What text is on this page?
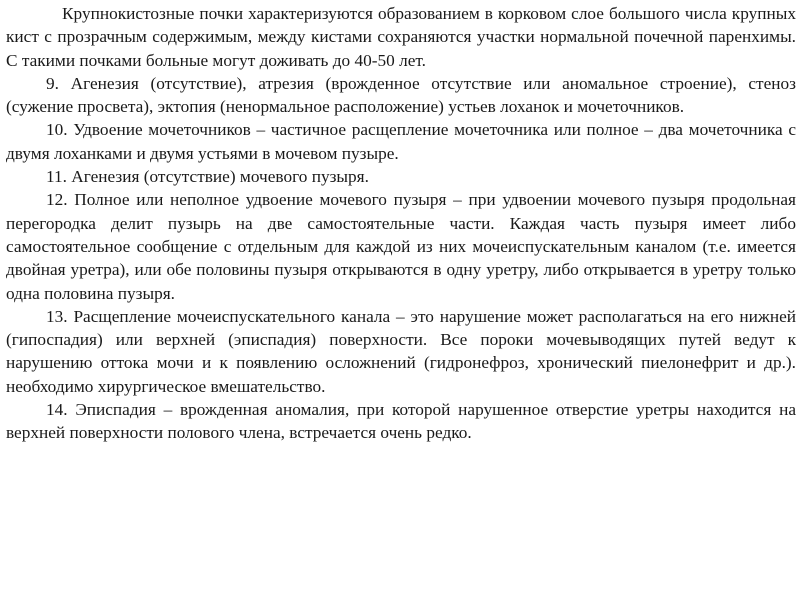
Крупнокистозные почки характеризуются образованием в корковом слое большого числа крупных кист с прозрачным содержимым, между кистами сохраняются участки нормальной почечной паренхимы. С такими почками больные могут доживать до 40-50 лет.

9. Агенезия (отсутствие), атрезия (врожденное отсутствие или аномальное строение), стеноз (сужение просвета), эктопия (ненормальное расположение) устьев лоханок и мочеточников.

10. Удвоение мочеточников – частичное расщепление мочеточника или полное – два мочеточника с двумя лоханками и двумя устьями в мочевом пузыре.

11. Агенезия (отсутствие) мочевого пузыря.

12. Полное или неполное удвоение мочевого пузыря – при удвоении мочевого пузыря продольная перегородка делит пузырь на две самостоятельные части. Каждая часть пузыря имеет либо самостоятельное сообщение с отдельным для каждой из них мочеиспускательным каналом (т.е. имеется двойная уретра), или обе половины пузыря открываются в одну уретру, либо открывается в уретру только одна половина пузыря.

13. Расщепление мочеиспускательного канала – это нарушение может располагаться на его нижней (гипоспадия) или верхней (эписпадия) поверхности. Все пороки мочевыводящих путей ведут к нарушению оттока мочи и к появлению осложнений (гидронефроз, хронический пиелонефрит и др.). необходимо хирургическое вмешательство.

14. Эписпадия – врожденная аномалия, при которой нарушенное отверстие уретры находится на верхней поверхности полового члена, встречается очень редко.
